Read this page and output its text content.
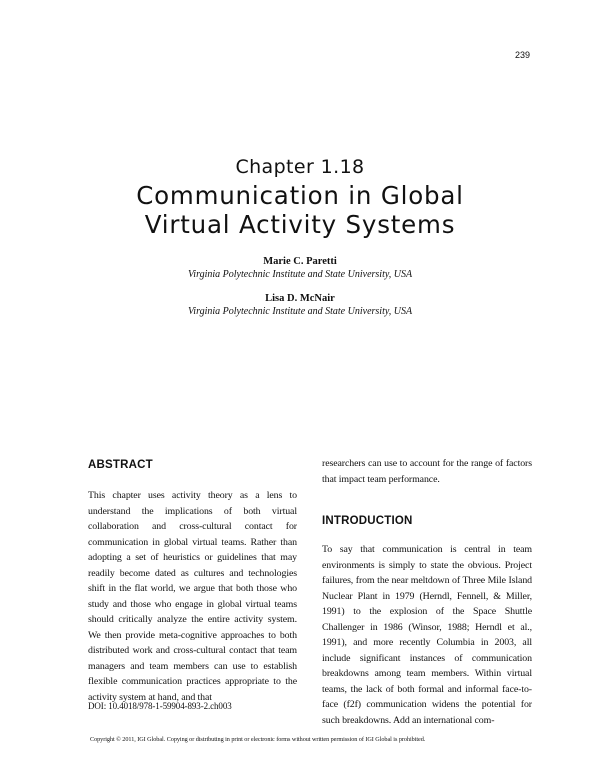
239
Chapter 1.18
Communication in Global
Virtual Activity Systems
Marie C. Paretti
Virginia Polytechnic Institute and State University, USA
Lisa D. McNair
Virginia Polytechnic Institute and State University, USA
ABSTRACT

This chapter uses activity theory as a lens to understand the implications of both virtual collaboration and cross-cultural contact for communication in global virtual teams. Rather than adopting a set of heuristics or guidelines that may readily become dated as cultures and technologies shift in the flat world, we argue that both those who study and those who engage in global virtual teams should critically analyze the entire activity system. We then provide meta-cognitive approaches to both distributed work and cross-cultural contact that team managers and team members can use to establish flexible communication practices appropriate to the activity system at hand, and that

researchers can use to account for the range of factors that impact team performance.

INTRODUCTION

To say that communication is central in team environments is simply to state the obvious. Project failures, from the near meltdown of Three Mile Island Nuclear Plant in 1979 (Herndl, Fennell, & Miller, 1991) to the explosion of the Space Shuttle Challenger in 1986 (Winsor, 1988; Herndl et al., 1991), and more recently Columbia in 2003, all include significant instances of communication breakdowns among team members. Within virtual teams, the lack of both formal and informal face-to-face (f2f) communication widens the potential for such breakdowns. Add an international com-

DOI: 10.4018/978-1-59904-893-2.ch003
Copyright © 2011, IGI Global. Copying or distributing in print or electronic forms without written permission of IGI Global is prohibited.
